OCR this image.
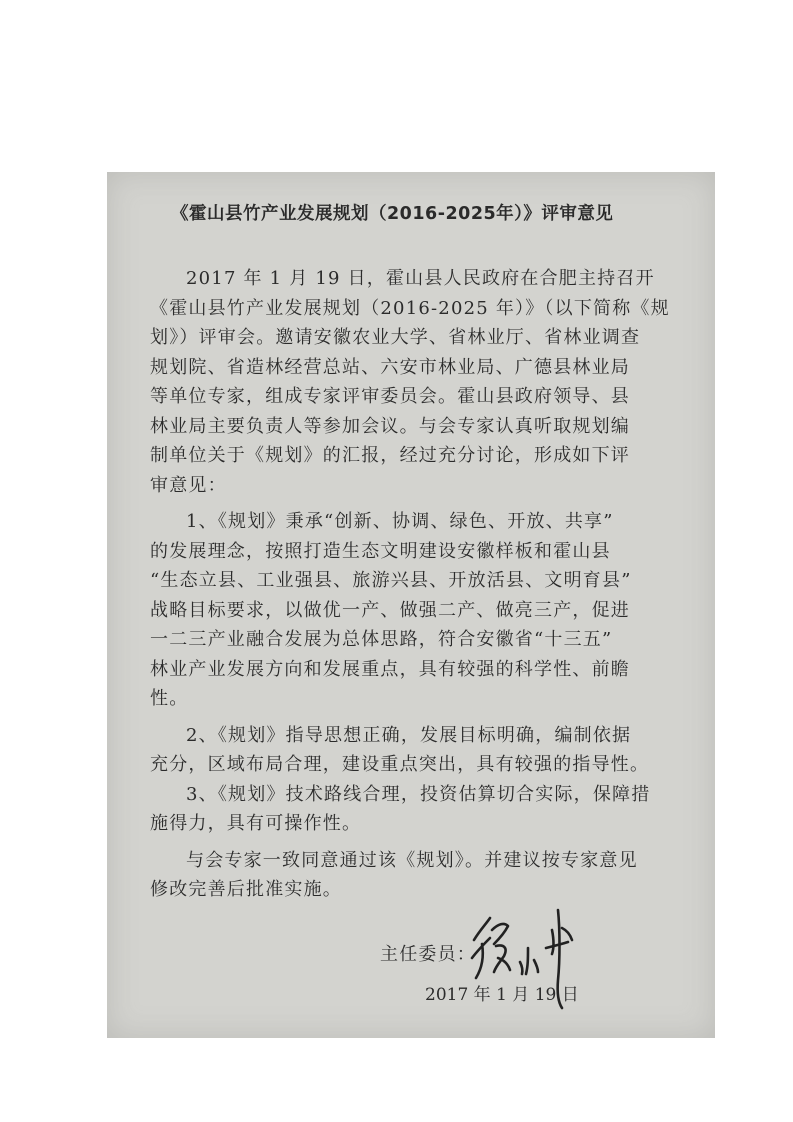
《霍山县竹产业发展规划（2016-2025年）》评审意见
2017 年 1 月 19 日，霍山县人民政府在合肥主持召开
《霍山县竹产业发展规划（2016-2025 年）》（以下简称《规
划》）评审会。邀请安徽农业大学、省林业厅、省林业调查
规划院、省造林经营总站、六安市林业局、广德县林业局
等单位专家，组成专家评审委员会。霍山县政府领导、县
林业局主要负责人等参加会议。与会专家认真听取规划编
制单位关于《规划》的汇报，经过充分讨论，形成如下评
审意见：
1、《规划》秉承“创新、协调、绿色、开放、共享”
的发展理念，按照打造生态文明建设安徽样板和霍山县
“生态立县、工业强县、旅游兴县、开放活县、文明育县”
战略目标要求，以做优一产、做强二产、做亮三产，促进
一二三产业融合发展为总体思路，符合安徽省“十三五”
林业产业发展方向和发展重点，具有较强的科学性、前瞻
性。
2、《规划》指导思想正确，发展目标明确，编制依据
充分，区域布局合理，建设重点突出，具有较强的指导性。
3、《规划》技术路线合理，投资估算切合实际，保障措
施得力，具有可操作性。
与会专家一致同意通过该《规划》。并建议按专家意见
修改完善后批准实施。
主任委员：
2017 年 1 月 19 日
